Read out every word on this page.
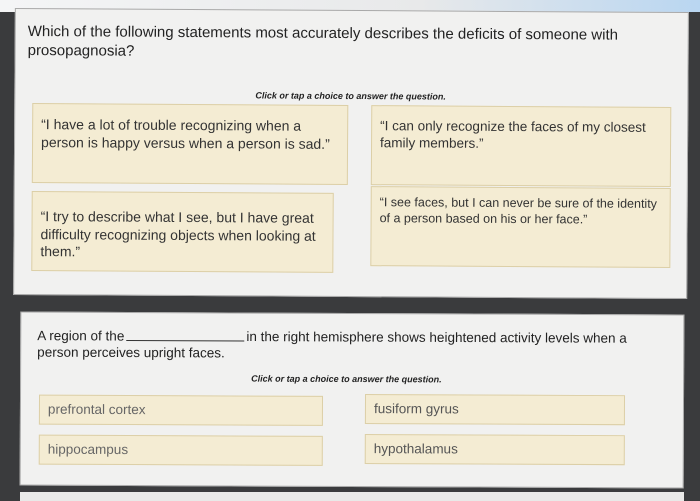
Which of the following statements most accurately describes the deficits of someone with prosopagnosia?
Click or tap a choice to answer the question.
“I have a lot of trouble recognizing when a person is happy versus when a person is sad.”
“I can only recognize the faces of my closest family members.”
“I try to describe what I see, but I have great difficulty recognizing objects when looking at them.”
“I see faces, but I can never be sure of the identity of a person based on his or her face.”
A region of the	in the right hemisphere shows heightened activity levels when a person perceives upright faces.
Click or tap a choice to answer the question.
prefrontal cortex	fusiform gyrus
hippocampus	hypothalamus
